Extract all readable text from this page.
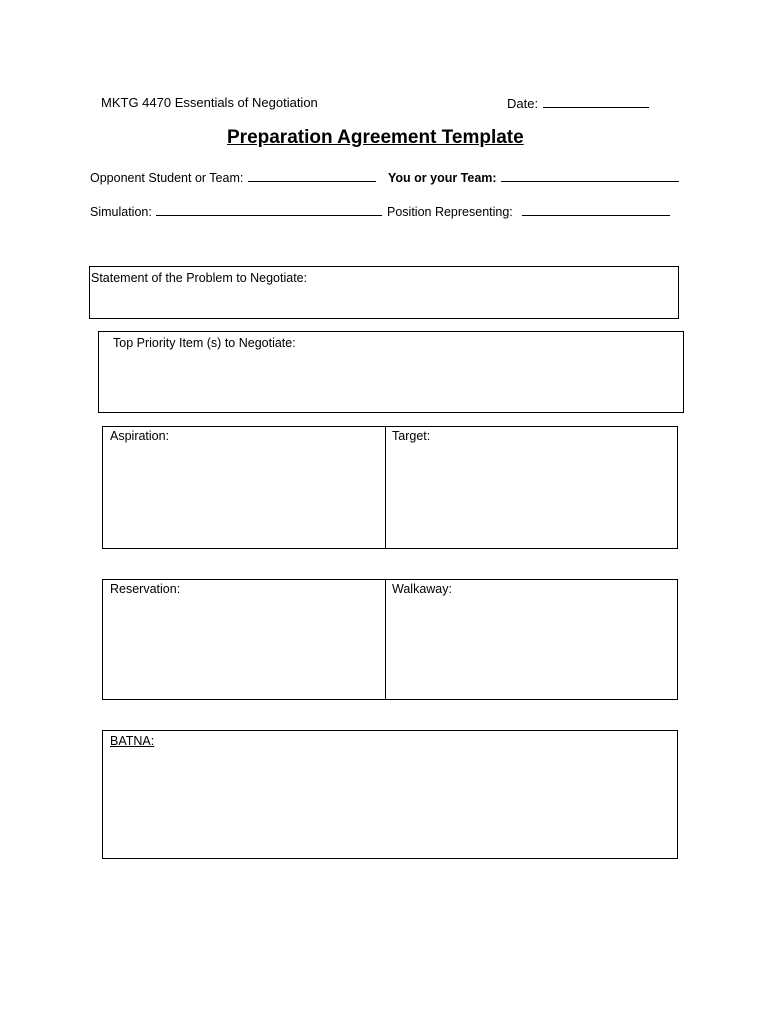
MKTG 4470 Essentials of Negotiation	Date:
Preparation Agreement Template
Opponent Student or Team:	You or your Team:
Simulation:	Position Representing:
Statement of the Problem to Negotiate:
Top Priority Item (s) to Negotiate:
Aspiration:	Target:
Reservation:	Walkaway:
BATNA:
